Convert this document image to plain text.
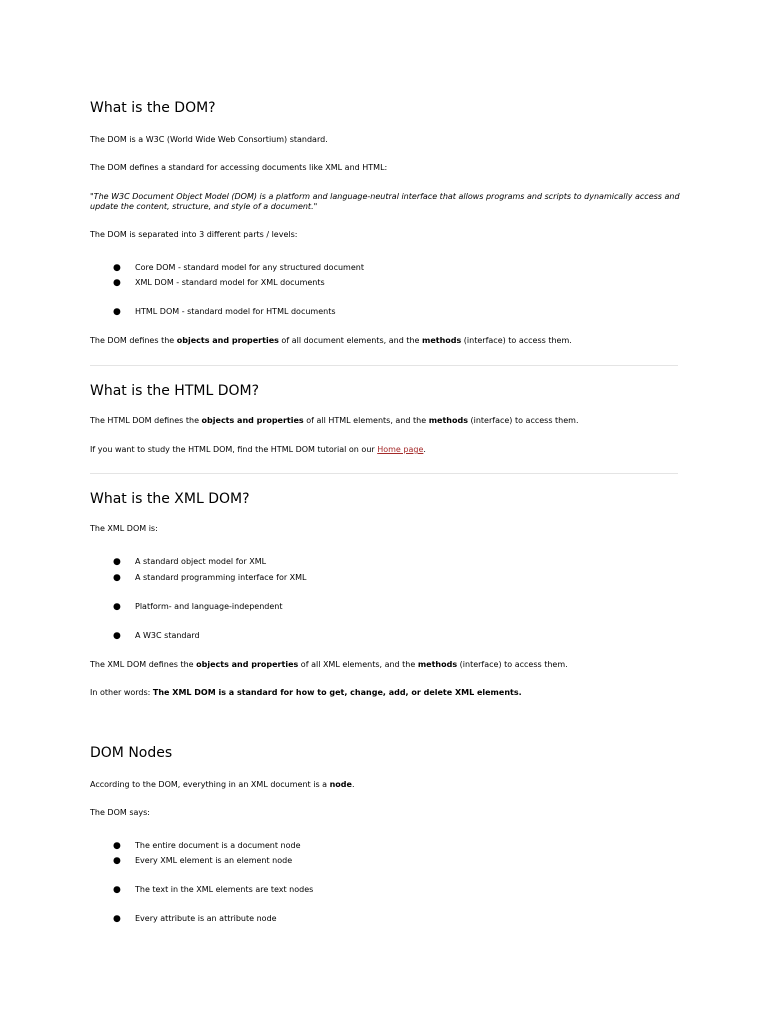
What is the DOM?

The DOM is a W3C (World Wide Web Consortium) standard.

The DOM defines a standard for accessing documents like XML and HTML:

"The W3C Document Object Model (DOM) is a platform and language-neutral interface that allows programs and scripts to dynamically access and update the content, structure, and style of a document."

The DOM is separated into 3 different parts / levels:

● Core DOM - standard model for any structured document
● XML DOM - standard model for XML documents
● HTML DOM - standard model for HTML documents

The DOM defines the objects and properties of all document elements, and the methods (interface) to access them.

What is the HTML DOM?

The HTML DOM defines the objects and properties of all HTML elements, and the methods (interface) to access them.

If you want to study the HTML DOM, find the HTML DOM tutorial on our Home page.

What is the XML DOM?

The XML DOM is:

● A standard object model for XML
● A standard programming interface for XML
● Platform- and language-independent
● A W3C standard

The XML DOM defines the objects and properties of all XML elements, and the methods (interface) to access them.

In other words: The XML DOM is a standard for how to get, change, add, or delete XML elements.

DOM Nodes

According to the DOM, everything in an XML document is a node.

The DOM says:

● The entire document is a document node
● Every XML element is an element node
● The text in the XML elements are text nodes
● Every attribute is an attribute node
